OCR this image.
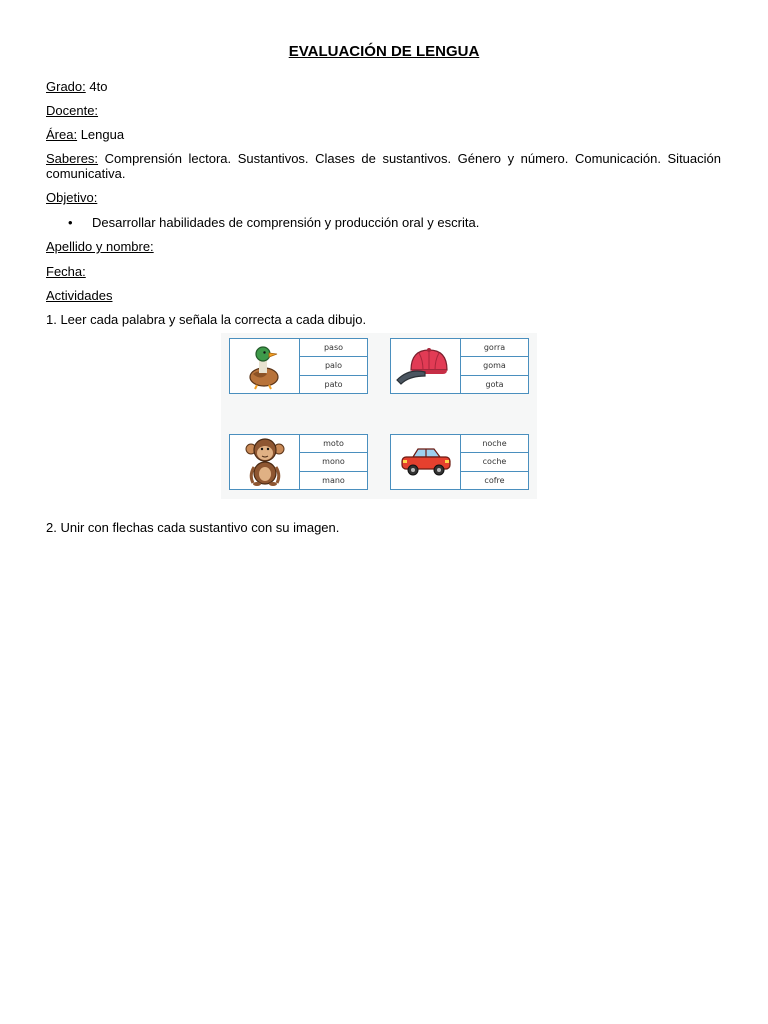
EVALUACIÓN DE LENGUA
Grado: 4to
Docente:
Área: Lengua
Saberes: Comprensión lectora. Sustantivos. Clases de sustantivos. Género y número. Comunicación. Situación comunicativa.
Objetivo:
• Desarrollar habilidades de comprensión y producción oral y escrita.
Apellido y nombre:
Fecha:
Actividades
1. Leer cada palabra y señala la correcta a cada dibujo.
paso
palo
pato
gorra
goma
gota
moto
mono
mano
noche
coche
cofre
2. Unir con flechas cada sustantivo con su imagen.
